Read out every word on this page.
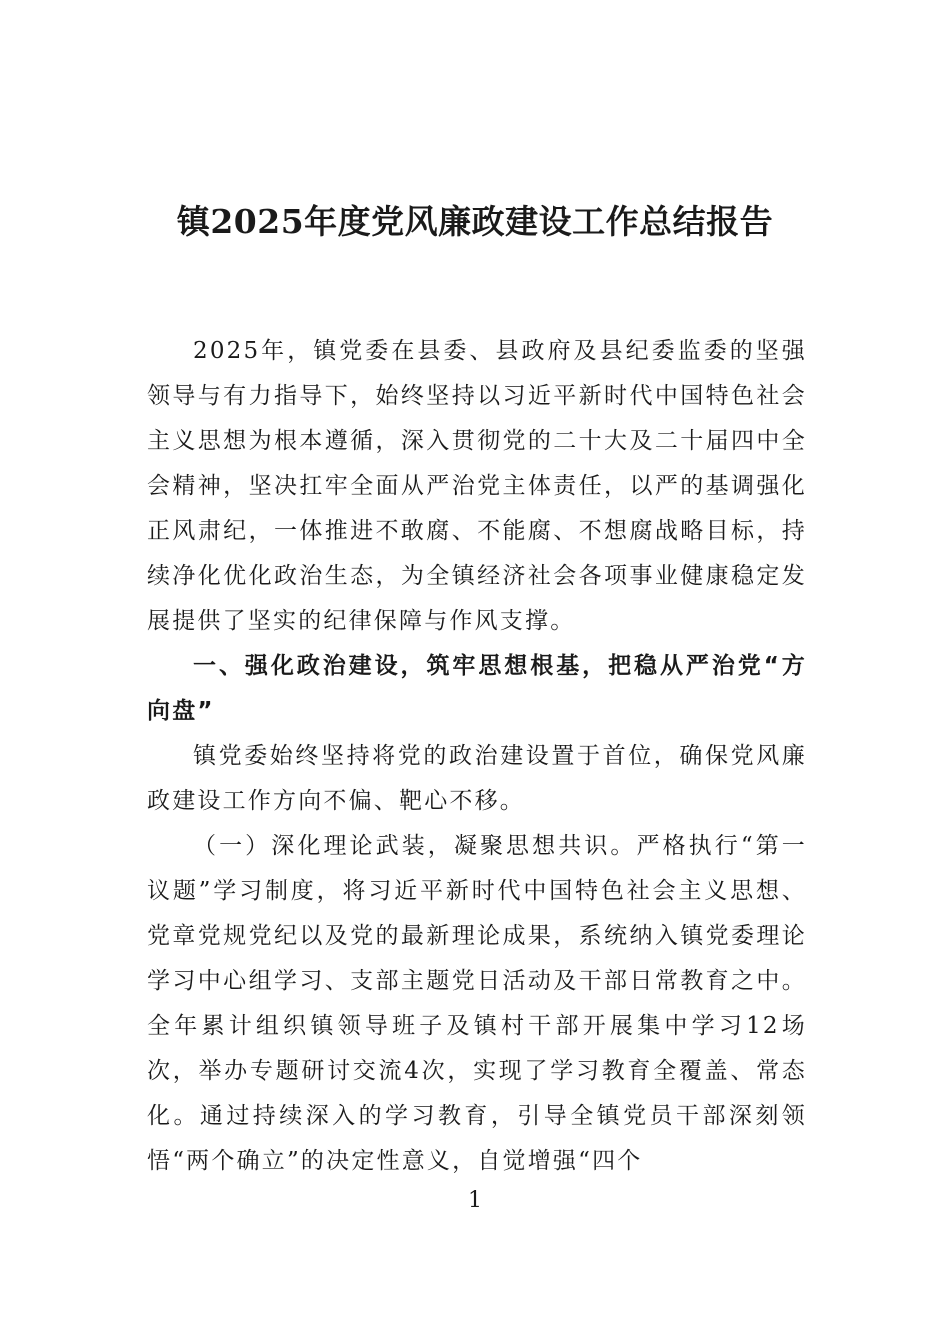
镇2025年度党风廉政建设工作总结报告

2025年，镇党委在县委、县政府及县纪委监委的坚强领导与有力指导下，始终坚持以习近平新时代中国特色社会主义思想为根本遵循，深入贯彻党的二十大及二十届四中全会精神，坚决扛牢全面从严治党主体责任，以严的基调强化正风肃纪，一体推进不敢腐、不能腐、不想腐战略目标，持续净化优化政治生态，为全镇经济社会各项事业健康稳定发展提供了坚实的纪律保障与作风支撑。

一、强化政治建设，筑牢思想根基，把稳从严治党“方向盘”

镇党委始终坚持将党的政治建设置于首位，确保党风廉政建设工作方向不偏、靶心不移。

（一）深化理论武装，凝聚思想共识。严格执行“第一议题”学习制度，将习近平新时代中国特色社会主义思想、党章党规党纪以及党的最新理论成果，系统纳入镇党委理论学习中心组学习、支部主题党日活动及干部日常教育之中。全年累计组织镇领导班子及镇村干部开展集中学习12场次，举办专题研讨交流4次，实现了学习教育全覆盖、常态化。通过持续深入的学习教育，引导全镇党员干部深刻领悟“两个确立”的决定性意义，自觉增强“四个

1
